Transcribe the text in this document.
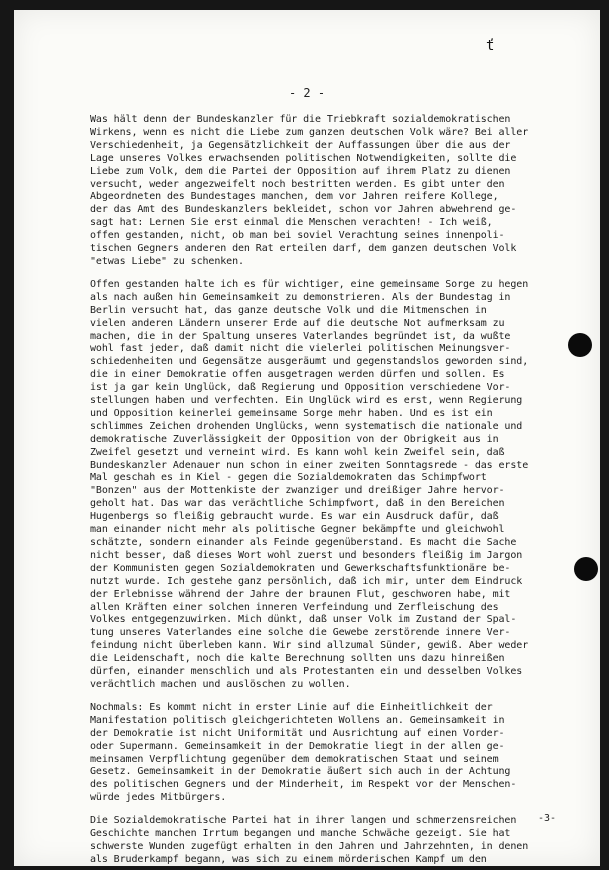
ť
- 2 -

Was hält denn der Bundeskanzler für die Triebkraft sozialdemokratischen
Wirkens, wenn es nicht die Liebe zum ganzen deutschen Volk wäre? Bei aller
Verschiedenheit, ja Gegensätzlichkeit der Auffassungen über die aus der
Lage unseres Volkes erwachsenden politischen Notwendigkeiten, sollte die
Liebe zum Volk, dem die Partei der Opposition auf ihrem Platz zu dienen
versucht, weder angezweifelt noch bestritten werden. Es gibt unter den
Abgeordneten des Bundestages manchen, dem vor Jahren reifere Kollege,
der das Amt des Bundeskanzlers bekleidet, schon vor Jahren abwehrend ge-
sagt hat: Lernen Sie erst einmal die Menschen verachten! - Ich weiß,
offen gestanden, nicht, ob man bei soviel Verachtung seines innenpoli-
tischen Gegners anderen den Rat erteilen darf, dem ganzen deutschen Volk
"etwas Liebe" zu schenken.

Offen gestanden halte ich es für wichtiger, eine gemeinsame Sorge zu hegen
als nach außen hin Gemeinsamkeit zu demonstrieren. Als der Bundestag in
Berlin versucht hat, das ganze deutsche Volk und die Mitmenschen in
vielen anderen Ländern unserer Erde auf die deutsche Not aufmerksam zu
machen, die in der Spaltung unseres Vaterlandes begründet ist, da wußte
wohl fast jeder, daß damit nicht die vielerlei politischen Meinungsver-
schiedenheiten und Gegensätze ausgeräumt und gegenstandslos geworden sind,
die in einer Demokratie offen ausgetragen werden dürfen und sollen. Es
ist ja gar kein Unglück, daß Regierung und Opposition verschiedene Vor-
stellungen haben und verfechten. Ein Unglück wird es erst, wenn Regierung
und Opposition keinerlei gemeinsame Sorge mehr haben. Und es ist ein
schlimmes Zeichen drohenden Unglücks, wenn systematisch die nationale und
demokratische Zuverlässigkeit der Opposition von der Obrigkeit aus in
Zweifel gesetzt und verneint wird. Es kann wohl kein Zweifel sein, daß
Bundeskanzler Adenauer nun schon in einer zweiten Sonntagsrede - das erste
Mal geschah es in Kiel - gegen die Sozialdemokraten das Schimpfwort
"Bonzen" aus der Mottenkiste der zwanziger und dreißiger Jahre hervor-
geholt hat. Das war das verächtliche Schimpfwort, daß in den Bereichen
Hugenbergs so fleißig gebraucht wurde. Es war ein Ausdruck dafür, daß
man einander nicht mehr als politische Gegner bekämpfte und gleichwohl
schätzte, sondern einander als Feinde gegenüberstand. Es macht die Sache
nicht besser, daß dieses Wort wohl zuerst und besonders fleißig im Jargon
der Kommunisten gegen Sozialdemokraten und Gewerkschaftsfunktionäre be-
nutzt wurde. Ich gestehe ganz persönlich, daß ich mir, unter dem Eindruck
der Erlebnisse während der Jahre der braunen Flut, geschworen habe, mit
allen Kräften einer solchen inneren Verfeindung und Zerfleischung des
Volkes entgegenzuwirken. Mich dünkt, daß unser Volk im Zustand der Spal-
tung unseres Vaterlandes eine solche die Gewebe zerstörende innere Ver-
feindung nicht überleben kann. Wir sind allzumal Sünder, gewiß. Aber weder
die Leidenschaft, noch die kalte Berechnung sollten uns dazu hinreißen
dürfen, einander menschlich und als Protestanten ein und desselben Volkes
verächtlich machen und auslöschen zu wollen.

Nochmals: Es kommt nicht in erster Linie auf die Einheitlichkeit der
Manifestation politisch gleichgerichteten Wollens an. Gemeinsamkeit in
der Demokratie ist nicht Uniformität und Ausrichtung auf einen Vorder-
oder Supermann. Gemeinsamkeit in der Demokratie liegt in der allen ge-
meinsamen Verpflichtung gegenüber dem demokratischen Staat und seinem
Gesetz. Gemeinsamkeit in der Demokratie äußert sich auch in der Achtung
des politischen Gegners und der Minderheit, im Respekt vor der Menschen-
würde jedes Mitbürgers.

Die Sozialdemokratische Partei hat in ihrer langen und schmerzensreichen
Geschichte manchen Irrtum begangen und manche Schwäche gezeigt. Sie hat
schwerste Wunden zugefügt erhalten in den Jahren und Jahrzehnten, in denen
als Bruderkampf begann, was sich zu einem mörderischen Kampf um den

-3-
